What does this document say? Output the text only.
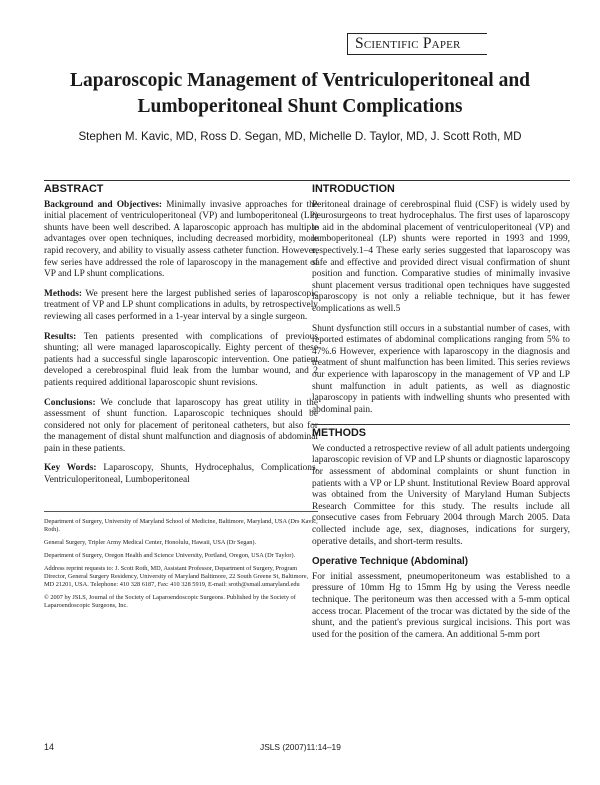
Scientific Paper
Laparoscopic Management of Ventriculoperitoneal and Lumboperitoneal Shunt Complications

Stephen M. Kavic, MD, Ross D. Segan, MD, Michelle D. Taylor, MD, J. Scott Roth, MD

ABSTRACT

Background and Objectives: Minimally invasive approaches for the initial placement of ventriculoperitoneal (VP) and lumboperitoneal (LP) shunts have been well described. A laparoscopic approach has multiple advantages over open techniques, including decreased morbidity, more rapid recovery, and ability to visually assess catheter function. However, few series have addressed the role of laparoscopy in the management of VP and LP shunt complications.

Methods: We present here the largest published series of laparoscopic treatment of VP and LP shunt complications in adults, by retrospectively reviewing all cases performed in a 1-year interval by a single surgeon.

Results: Ten patients presented with complications of previous shunting; all were managed laparoscopically. Eighty percent of these patients had a successful single laparoscopic intervention. One patient developed a cerebrospinal fluid leak from the lumbar wound, and 2 patients required additional laparoscopic shunt revisions.

Conclusions: We conclude that laparoscopy has great utility in the assessment of shunt function. Laparoscopic techniques should be considered not only for placement of peritoneal catheters, but also for the management of distal shunt malfunction and diagnosis of abdominal pain in these patients.

Key Words: Laparoscopy, Shunts, Hydrocephalus, Complications, Ventriculoperitoneal, Lumboperitoneal

Department of Surgery, University of Maryland School of Medicine, Baltimore, Maryland, USA (Drs Kavic, Roth).
General Surgery, Tripler Army Medical Center, Honolulu, Hawaii, USA (Dr Segan).
Department of Surgery, Oregon Health and Science University, Portland, Oregon, USA (Dr Taylor).
Address reprint requests to: J. Scott Roth, MD, Assistant Professor, Department of Surgery, Program Director, General Surgery Residency, University of Maryland Baltimore, 22 South Greene St, Baltimore, MD 21201, USA. Telephone: 410 328 6187, Fax: 410 328 5919, E-mail: sroth@smail.umaryland.edu
© 2007 by JSLS, Journal of the Society of Laparoendoscopic Surgeons. Published by the Society of Laparoendoscopic Surgeons, Inc.
INTRODUCTION

Peritoneal drainage of cerebrospinal fluid (CSF) is widely used by neurosurgeons to treat hydrocephalus. The first uses of laparoscopy to aid in the abdominal placement of ventriculoperitoneal (VP) and lumboperitoneal (LP) shunts were reported in 1993 and 1999, respectively.1–4 These early series suggested that laparoscopy was safe and effective and provided direct visual confirmation of shunt position and function. Comparative studies of minimally invasive shunt placement versus traditional open techniques have suggested laparoscopy is not only a reliable technique, but it has fewer complications as well.5

Shunt dysfunction still occurs in a substantial number of cases, with reported estimates of abdominal complications ranging from 5% to 47%.6 However, experience with laparoscopy in the diagnosis and treatment of shunt malfunction has been limited. This series reviews our experience with laparoscopy in the management of VP and LP shunt malfunction in adult patients, as well as diagnostic laparoscopy in patients with indwelling shunts who presented with abdominal pain.

METHODS

We conducted a retrospective review of all adult patients undergoing laparoscopic revision of VP and LP shunts or diagnostic laparoscopy for assessment of abdominal complaints or shunt function in patients with a VP or LP shunt. Institutional Review Board approval was obtained from the University of Maryland Human Subjects Research Committee for this study. The results include all consecutive cases from February 2004 through March 2005. Data collected include age, sex, diagnoses, indications for surgery, operative details, and short-term results.

Operative Technique (Abdominal)

For initial assessment, pneumoperitoneum was established to a pressure of 10mm Hg to 15mm Hg by using the Veress needle technique. The peritoneum was then accessed with a 5-mm optical access trocar. Placement of the trocar was dictated by the side of the shunt, and the patient's previous surgical incisions. This port was used for the position of the camera. An additional 5-mm port

14	JSLS (2007)11:14–19
